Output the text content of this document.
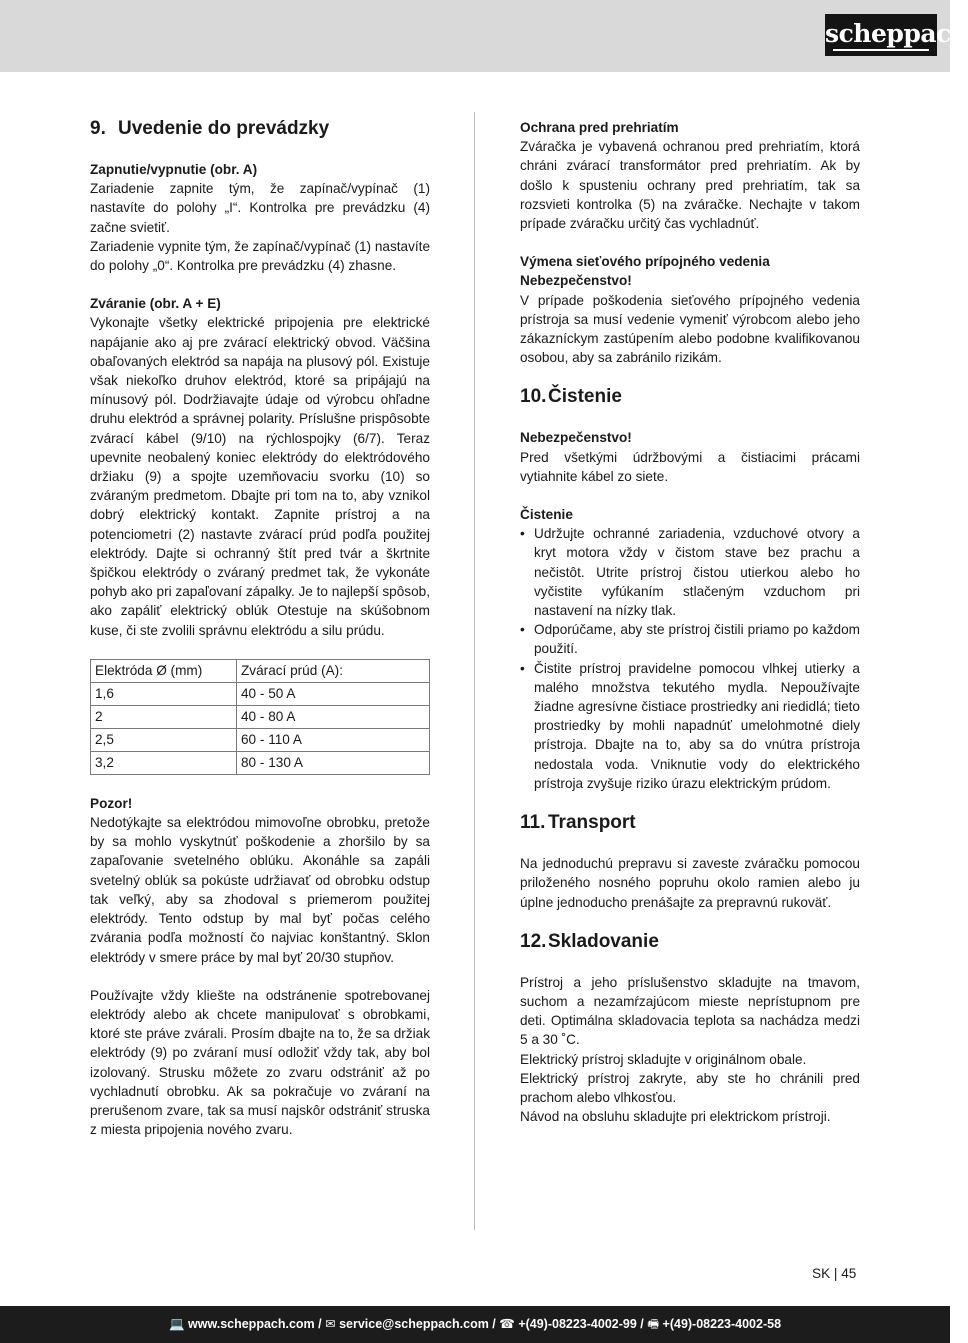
scheppach
9. Uvedenie do prevádzky

Zapnutie/vypnutie (obr. A)

Zariadenie zapnite tým, že zapínač/vypínač (1) nastavíte do polohy „I“. Kontrolka pre prevádzku (4) začne svietiť.

Zariadenie vypnite tým, že zapínač/vypínač (1) nastavíte do polohy „0“. Kontrolka pre prevádzku (4) zhasne.

Zváranie (obr. A + E)

Vykonajte všetky elektrické pripojenia pre elektrické napájanie ako aj pre zvárací elektrický obvod. Väčšina obaľovaných elektród sa napája na plusový pól. Existuje však niekoľko druhov elektród, ktoré sa pripájajú na mínusový pól. Dodržiavajte údaje od výrobcu ohľadne druhu elektród a správnej polarity. Príslušne prispôsobte zvárací kábel (9/10) na rýchlospojky (6/7). Teraz upevnite neobalený koniec elektródy do elektródového držiaku (9) a spojte uzemňovaciu svorku (10) so zváraným predmetom. Dbajte pri tom na to, aby vznikol dobrý elektrický kontakt. Zapnite prístroj a na potenciometri (2) nastavte zvárací prúd podľa použitej elektródy. Dajte si ochranný štít pred tvár a škrtnite špičkou elektródy o zváraný predmet tak, že vykonáte pohyb ako pri zapaľovaní zápalky. Je to najlepší spôsob, ako zapáliť elektrický oblúk Otestuje na skúšobnom kuse, či ste zvolili správnu elektródu a silu prúdu.

Elektróda Ø (mm)	Zvárací prúd (A):
1,6	40 - 50 A
2	40 - 80 A
2,5	60 - 110 A
3,2	80 - 130 A

Pozor!

Nedotýkajte sa elektródou mimovoľne obrobku, pretože by sa mohlo vyskytnúť poškodenie a zhoršilo by sa zapaľovanie svetelného oblúku. Akonáhle sa zapáli svetelný oblúk sa pokúste udržiavať od obrobku odstup tak veľký, aby sa zhodoval s priemerom použitej elektródy. Tento odstup by mal byť počas celého zvárania podľa možností čo najviac konštantný. Sklon elektródy v smere práce by mal byť 20/30 stupňov.

Používajte vždy kliešte na odstránenie spotrebovanej elektródy alebo ak chcete manipulovať s obrobkami, ktoré ste práve zvárali. Prosím dbajte na to, že sa držiak elektródy (9) po zváraní musí odložiť vždy tak, aby bol izolovaný. Strusku môžete zo zvaru odstrániť až po vychladnutí obrobku. Ak sa pokračuje vo zváraní na prerušenom zvare, tak sa musí najskôr odstrániť struska z miesta pripojenia nového zvaru.

Ochrana pred prehriatím

Zváračka je vybavená ochranou pred prehriatím, ktorá chráni zvárací transformátor pred prehriatím. Ak by došlo k spusteniu ochrany pred prehriatím, tak sa rozsvieti kontrolka (5) na zváračke. Nechajte v takom prípade zváračku určitý čas vychladnúť.

Výmena sieťového prípojného vedenia

Nebezpečenstvo!

V prípade poškodenia sieťového prípojného vedenia prístroja sa musí vedenie vymeniť výrobcom alebo jeho zákazníckym zastúpením alebo podobne kvalifikovanou osobou, aby sa zabránilo rizikám.

10. Čistenie

Nebezpečenstvo!

Pred všetkými údržbovými a čistiacimi prácami vytiahnite kábel zo siete.

Čistenie

• Udržujte ochranné zariadenia, vzduchové otvory a kryt motora vždy v čistom stave bez prachu a nečistôt. Utrite prístroj čistou utierkou alebo ho vyčistite vyfúkaním stlačeným vzduchom pri nastavení na nízky tlak.
• Odporúčame, aby ste prístroj čistili priamo po každom použití.
• Čistite prístroj pravidelne pomocou vlhkej utierky a malého množstva tekutého mydla. Nepoužívajte žiadne agresívne čistiace prostriedky ani riedidlá; tieto prostriedky by mohli napadnúť umelohmotné diely prístroja. Dbajte na to, aby sa do vnútra prístroja nedostala voda. Vniknutie vody do elektrického prístroja zvyšuje riziko úrazu elektrickým prúdom.
11. Transport

Na jednoduchú prepravu si zaveste zváračku pomocou priloženého nosného popruhu okolo ramien alebo ju úplne jednoducho prenášajte za prepravnú rukoväť.

12. Skladovanie

Prístroj a jeho príslušenstvo skladujte na tmavom, suchom a nezamŕzajúcom mieste neprístupnom pre deti. Optimálna skladovacia teplota sa nachádza medzi 5 a 30 ˚C.

Elektrický prístroj skladujte v originálnom obale.

Elektrický prístroj zakryte, aby ste ho chránili pred prachom alebo vlhkosťou.

Návod na obsluhu skladujte pri elektrickom prístroji.

SK | 45
💻 www.scheppach.com / ✉ service@scheppach.com / ☎ +(49)-08223-4002-99 / 🖷 +(49)-08223-4002-58
